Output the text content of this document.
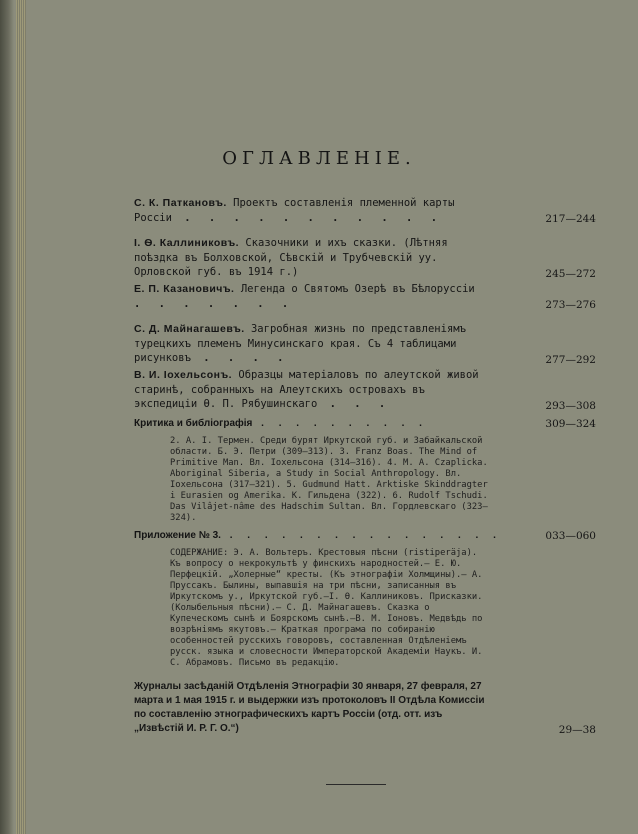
ОГЛАВЛЕНIЕ.
С. К. Паткановъ. Проектъ составленія племенной карты Россіи . . . . . . . . . . .	217—244
I. Ѳ. Каллиниковъ. Сказочники и ихъ сказки. (Лѣтняя поѣздка въ Болховской, Сѣвскій и Трубчевскій уу. Орловской губ. въ 1914 г.)	245—272
Е. П. Казановичъ. Легенда о Святомъ Озерѣ въ Бѣлоруссіи . . . . . . .	273—276
С. Д. Майнагашевъ. Загробная жизнь по представленіямъ турецкихъ племенъ Минусинскаго края. Съ 4 таблицами рисунковъ . . . .	277—292
В. И. Iохельсонъ. Образцы матеріаловъ по алеутской живой старинѣ, собранныхъ на Алеутскихъ островахъ въ экспедиціи Ѳ. П. Рябушинскаго . . .	293—308
Критика и библіографія . . . . . . . . . .	309—324
2. А. І. Термен. Среди бурят Иркутской губ. и Забайкальской области. Б. Э. Петри (309—313). 3. Franz Boas. The Mind of Primitive Man. Вл. Iохельсона (314—316). 4. M. A. Czaplicka. Aboriginal Siberia, a Study in Social Anthropology. Вл. Iохельсона (317—321). 5. Gudmund Hatt. Arktiske Skinddragter i Eurasien og Amerika. К. Гильдена (322). 6. Rudolf Tschudi. Das Vilâjet-nâme des Hadschim Sultan. Вл. Гордлевскаго (323—324).
Приложение № 3. . . . . . . . . . . . . . . . .	033—060
СОДЕРЖАНИЕ: Э. А. Вольтеръ. Крестовыя пѣсни (ristiperäja). Къ вопросу о некрокультѣ у финскихъ народностей.— Е. Ю. Перфецкій. „Холерные“ кресты. (Къ этнографіи Холмщины).— А. Прусcакъ. Былины, выпавшiя на три пѣсни, записанныя въ Иркутскомъ у., Иркутской губ.—I. Ѳ. Каллиниковъ. Присказки. (Колыбельныя пѣсни).— С. Д. Майнагашевъ. Сказка о Купеческомъ сынѣ и Боярскомъ сынѣ.—В. М. Іоновъ. Медвѣдь по возрѣніямъ якутовъ.— Краткая програма по собиранію особенностей русскихъ говоровъ, составленная Отдѣленіемъ русск. языка и словесности Императорской Академіи Наукъ. И. С. Абрамовъ. Письмо въ редакцію.
Журналы засѣданій Отдѣленія Этнографіи 30 января, 27 февраля, 27 марта и 1 мая 1915 г. и выдержки изъ протоколовъ II Отдѣла Комиссіи по составленію этнографическихъ картъ Россіи (отд. отт. изъ „Извѣстій И. Р. Г. О.“)	29—38
